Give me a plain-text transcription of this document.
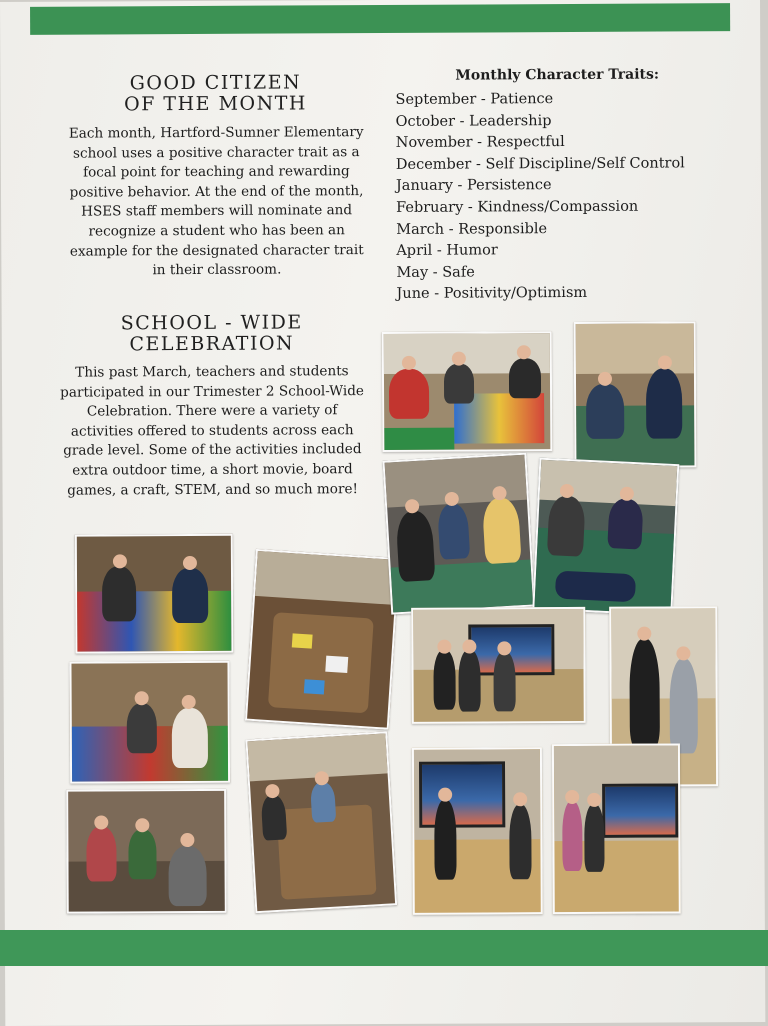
GOOD CITIZEN
OF THE MONTH

Each month, Hartford-Sumner Elementary school uses a positive character trait as a focal point for teaching and rewarding positive behavior. At the end of the month, HSES staff members will nominate and recognize a student who has been an example for the designated character trait in their classroom.

Monthly Character Traits:
September - Patience
October - Leadership
November - Respectful
December - Self Discipline/Self Control
January - Persistence
February - Kindness/Compassion
March - Responsible
April - Humor
May - Safe
June - Positivity/Optimism
SCHOOL - WIDE
CELEBRATION

This past March, teachers and students participated in our Trimester 2 School-Wide Celebration. There were a variety of activities offered to students across each grade level. Some of the activities included extra outdoor time, a short movie, board games, a craft, STEM, and so much more!
